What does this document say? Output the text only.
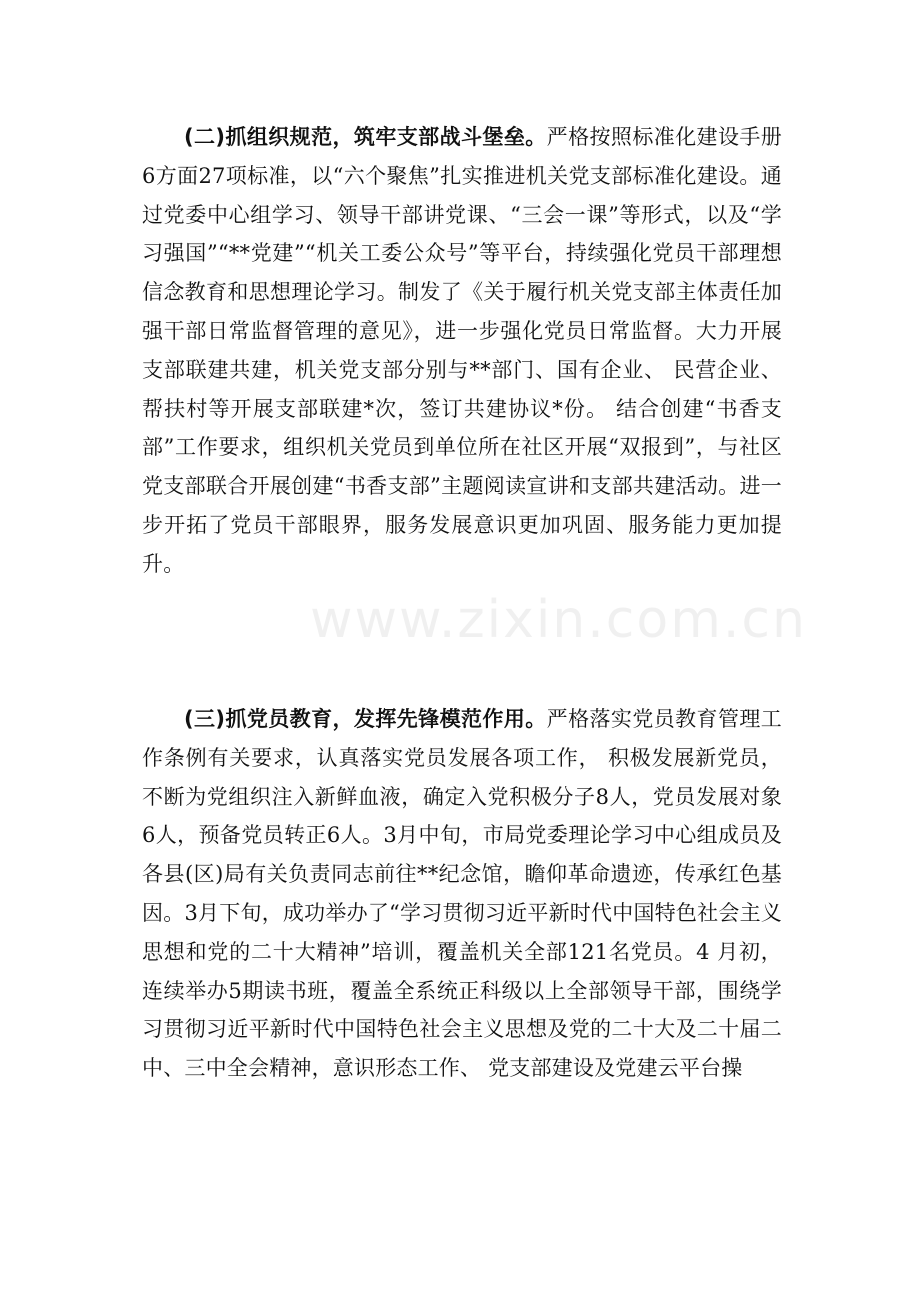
(二)抓组织规范，筑牢支部战斗堡垒。严格按照标准化建设手册6方面27项标准，以“六个聚焦”扎实推进机关党支部标准化建设。通过党委中心组学习、领导干部讲党课、“三会一课”等形式，以及“学习强国”“**党建”“机关工委公众号”等平台，持续强化党员干部理想信念教育和思想理论学习。制发了《关于履行机关党支部主体责任加强干部日常监督管理的意见》，进一步强化党员日常监督。大力开展支部联建共建，机关党支部分别与**部门、国有企业、 民营企业、帮扶村等开展支部联建*次，签订共建协议*份。 结合创建“书香支部”工作要求，组织机关党员到单位所在社区开展“双报到”，与社区党支部联合开展创建“书香支部”主题阅读宣讲和支部共建活动。进一步开拓了党员干部眼界，服务发展意识更加巩固、服务能力更加提升。

(三)抓党员教育，发挥先锋模范作用。严格落实党员教育管理工作条例有关要求，认真落实党员发展各项工作， 积极发展新党员，不断为党组织注入新鲜血液，确定入党积极分子8人，党员发展对象6人，预备党员转正6人。3月中旬，市局党委理论学习中心组成员及各县(区)局有关负责同志前往**纪念馆，瞻仰革命遗迹，传承红色基因。3月下旬，成功举办了“学习贯彻习近平新时代中国特色社会主义思想和党的二十大精神”培训，覆盖机关全部121名党员。4 月初，连续举办5期读书班，覆盖全系统正科级以上全部领导干部，围绕学习贯彻习近平新时代中国特色社会主义思想及党的二十大及二十届二中、三中全会精神，意识形态工作、 党支部建设及党建云平台操

www.zixin.com.cn
